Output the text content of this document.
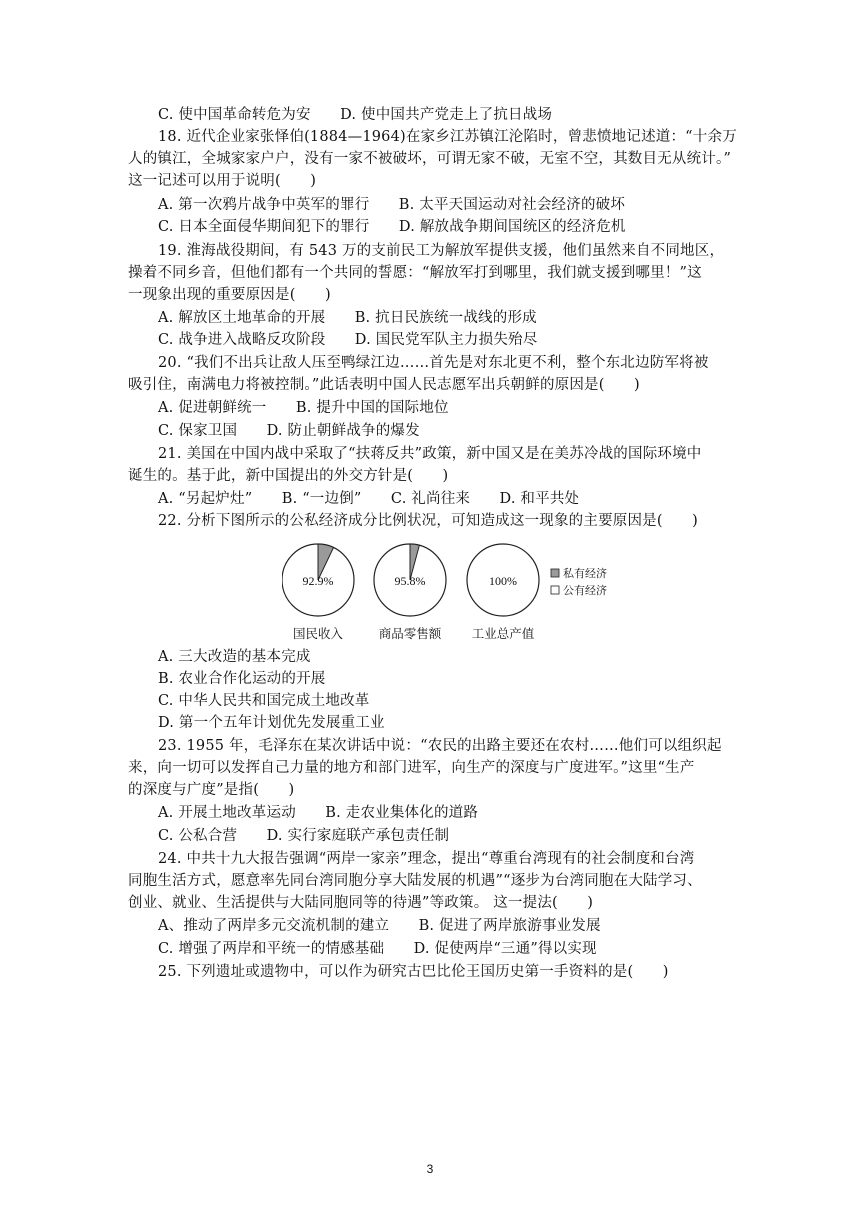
C. 使中国革命转危为安　　D. 使中国共产党走上了抗日战场
18. 近代企业家张怿伯(1884—1964)在家乡江苏镇江沦陷时，曾悲愤地记述道：“十余万
人的镇江，全城家家户户，没有一家不被破坏，可谓无家不破，无室不空，其数目无从统计。”
这一记述可以用于说明(　　)
A. 第一次鸦片战争中英军的罪行　　B. 太平天国运动对社会经济的破坏
C. 日本全面侵华期间犯下的罪行　　D. 解放战争期间国统区的经济危机
19. 淮海战役期间，有 543 万的支前民工为解放军提供支援，他们虽然来自不同地区，
操着不同乡音，但他们都有一个共同的誓愿：“解放军打到哪里，我们就支援到哪里！”这
一现象出现的重要原因是(　　)
A. 解放区土地革命的开展　　B. 抗日民族统一战线的形成
C. 战争进入战略反攻阶段　　D. 国民党军队主力损失殆尽
20. “我们不出兵让敌人压至鸭绿江边……首先是对东北更不利，整个东北边防军将被
吸引住，南满电力将被控制。”此话表明中国人民志愿军出兵朝鲜的原因是(　　)
A. 促进朝鲜统一　　B. 提升中国的国际地位
C. 保家卫国　　D. 防止朝鲜战争的爆发
21. 美国在中国内战中采取了“扶蒋反共”政策，新中国又是在美苏冷战的国际环境中
诞生的。基于此，新中国提出的外交方针是(　　)
A. “另起炉灶”　　B. “一边倒”　　C. 礼尚往来　　D. 和平共处
22. 分析下图所示的公私经济成分比例状况，可知造成这一现象的主要原因是(　　)
92.9%
国民收入
95.8%
商品零售额
100%
工业总产值
私有经济
公有经济
A. 三大改造的基本完成
B. 农业合作化运动的开展
C. 中华人民共和国完成土地改革
D. 第一个五年计划优先发展重工业
23. 1955 年，毛泽东在某次讲话中说：“农民的出路主要还在农村……他们可以组织起
来，向一切可以发挥自己力量的地方和部门进军，向生产的深度与广度进军。”这里“生产
的深度与广度”是指(　　)
A. 开展土地改革运动　　B. 走农业集体化的道路
C. 公私合营　　D. 实行家庭联产承包责任制
24. 中共十九大报告强调“两岸一家亲”理念，提出“尊重台湾现有的社会制度和台湾
同胞生活方式，愿意率先同台湾同胞分享大陆发展的机遇”“逐步为台湾同胞在大陆学习、
创业、就业、生活提供与大陆同胞同等的待遇”等政策。 这一提法(　　)
A、推动了两岸多元交流机制的建立　　B. 促进了两岸旅游事业发展
C. 增强了两岸和平统一的情感基础　　D. 促使两岸“三通”得以实现
25. 下列遗址或遗物中，可以作为研究古巴比伦王国历史第一手资料的是(　　)
3
